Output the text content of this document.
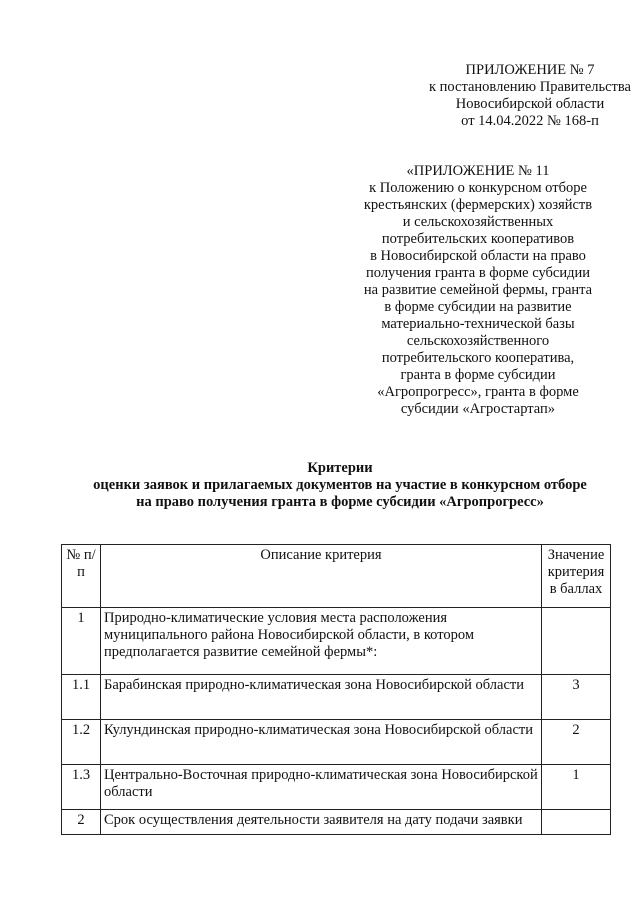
ПРИЛОЖЕНИЕ № 7
к постановлению Правительства
Новосибирской области
от 14.04.2022 № 168-п
«ПРИЛОЖЕНИЕ № 11
к Положению о конкурсном отборе
крестьянских (фермерских) хозяйств
и сельскохозяйственных
потребительских кооперативов
в Новосибирской области на право
получения гранта в форме субсидии
на развитие семейной фермы, гранта
в форме субсидии на развитие
материально-технической базы
сельскохозяйственного
потребительского кооператива,
гранта в форме субсидии
«Агропрогресс», гранта в форме
субсидии «Агростартап»
Критерии
оценки заявок и прилагаемых документов на участие в конкурсном отборе
на право получения гранта в форме субсидии «Агропрогресс»
№ п/п	Описание критерия	Значение критерия в баллах
1	Природно-климатические условия места расположения муниципального района Новосибирской области, в котором предполагается развитие семейной фермы*:	
1.1	Барабинская природно-климатическая зона Новосибирской области	3
1.2	Кулундинская природно-климатическая зона Новосибирской области	2
1.3	Центрально-Восточная природно-климатическая зона Новосибирской области	1
2	Срок осуществления деятельности заявителя на дату подачи заявки	
